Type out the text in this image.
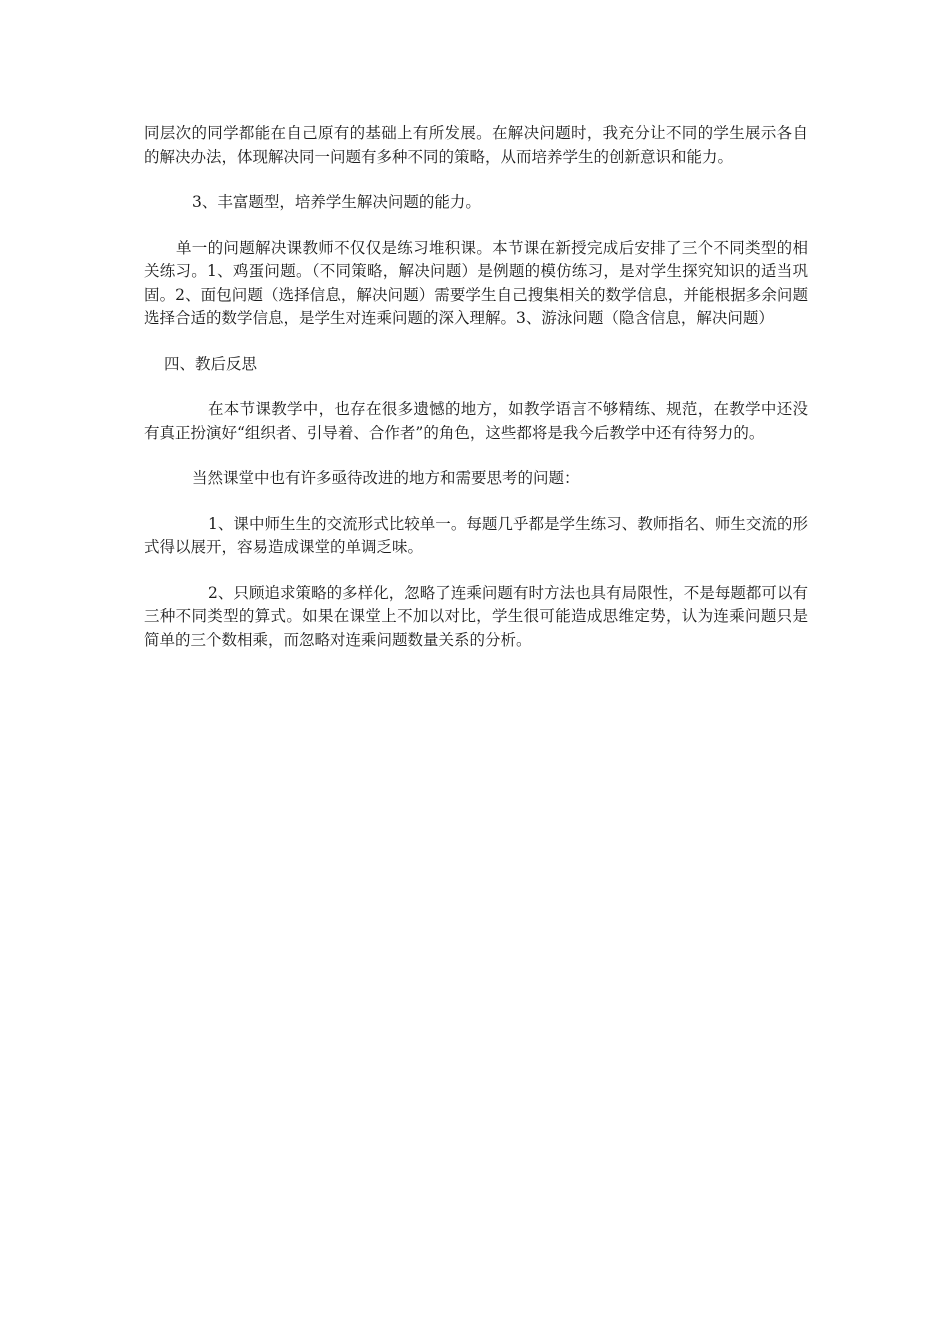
同层次的同学都能在自己原有的基础上有所发展。在解决问题时，我充分让不同的学生展示各自的解决办法，体现解决同一问题有多种不同的策略，从而培养学生的创新意识和能力。

3、丰富题型，培养学生解决问题的能力。

单一的问题解决课教师不仅仅是练习堆积课。本节课在新授完成后安排了三个不同类型的相关练习。1、鸡蛋问题。（不同策略，解决问题）是例题的模仿练习，是对学生探究知识的适当巩固。2、面包问题（选择信息，解决问题）需要学生自己搜集相关的数学信息，并能根据多余问题选择合适的数学信息，是学生对连乘问题的深入理解。3、游泳问题（隐含信息，解决问题）

四、教后反思

在本节课教学中，也存在很多遗憾的地方，如教学语言不够精练、规范，在教学中还没有真正扮演好“组织者、引导着、合作者”的角色，这些都将是我今后教学中还有待努力的。

当然课堂中也有许多亟待改进的地方和需要思考的问题：

1、课中师生生的交流形式比较单一。每题几乎都是学生练习、教师指名、师生交流的形式得以展开，容易造成课堂的单调乏味。

2、只顾追求策略的多样化，忽略了连乘问题有时方法也具有局限性，不是每题都可以有三种不同类型的算式。如果在课堂上不加以对比，学生很可能造成思维定势，认为连乘问题只是简单的三个数相乘，而忽略对连乘问题数量关系的分析。
